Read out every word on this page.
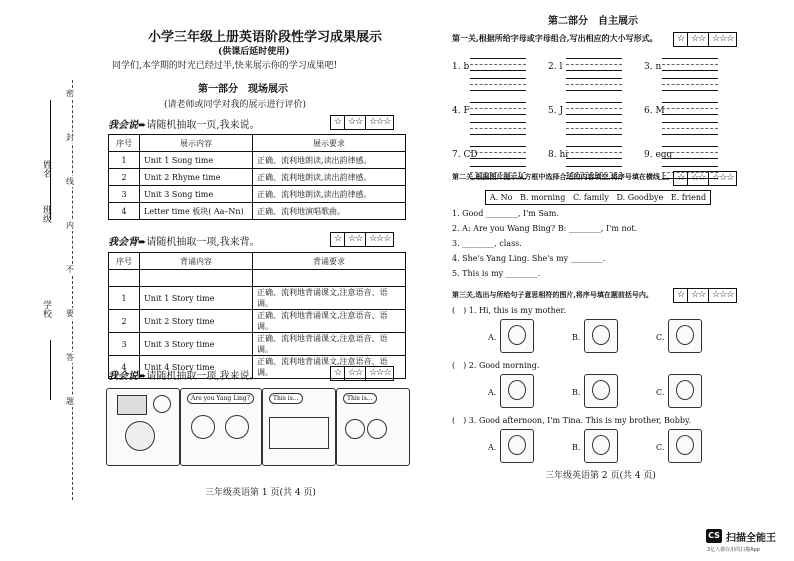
姓名
班级
学校
密
封
线
内
不
要
答
题
小学三年级上册英语阶段性学习成果展示
(供课后延时使用)
同学们,本学期的时光已经过半,快来展示你的学习成果吧!
第一部分　现场展示
(请老师或同学对我的展示进行评价)
我会说➨请随机抽取一页,我来说。	☆ ☆☆ ☆☆☆
序号	展示内容	展示要求
1	Unit 1 Song time	正确、流利地朗读,读出韵律感。
2	Unit 2 Rhyme time	正确、流利地朗读,读出韵律感。
3	Unit 3 Song time	正确、流利地朗读,读出韵律感。
4	Letter time 板块( Aa–Nn)	正确、流利地演唱歌曲。
我会背➨请随机抽取一项,我来背。	☆ ☆☆ ☆☆☆
序号	背诵内容	背诵要求

1	Unit 1 Story time	正确、流利地背诵课文,注意语音、语调。
2	Unit 2 Story time	正确、流利地背诵课文,注意语音、语调。
3	Unit 3 Story time	正确、流利地背诵课文,注意语音、语调。
4	Unit 4 Story time	正确、流利地背诵课文,注意语音、语调。
我会说➨请随机抽取一项,我来说。	☆ ☆☆ ☆☆☆
Are you Yang Ling?	This is...	This is...
三年级英语第 1 页(共 4 页)
第二部分　自主展示
第一关,根据所给字母或字母组合,写出相应的大小写形式。	☆ ☆☆ ☆☆☆
1. b	2. l	3. n
4. F	5. J	6. M
7. CD	8. hi	9. egg
第二关,根据图片提示从方框中选择合适的内容填空,将序号填在横线上。 ☆ ☆☆ ☆☆☆
A. No B. morning C. family D. Goodbye E. friend
1. Good ________, I'm Sam.
2. A: Are you Wang Bing? B: ________, I'm not.
3. ________, class.
4. She's Yang Ling. She's my ________.
5. This is my ________.
第三关,选出与所给句子意思相符的图片,将序号填在题前括号内。	☆ ☆☆ ☆☆☆
(　) 1. Hi, this is my mother.
A.	B.	C.
(　) 2. Good morning.
A.	B.	C.
(　) 3. Good afternoon, I'm Tina. This is my brother, Bobby.
A.	B.	C.
三年级英语第 2 页(共 4 页)
CS 扫描全能王
3亿人都在用的扫描App
